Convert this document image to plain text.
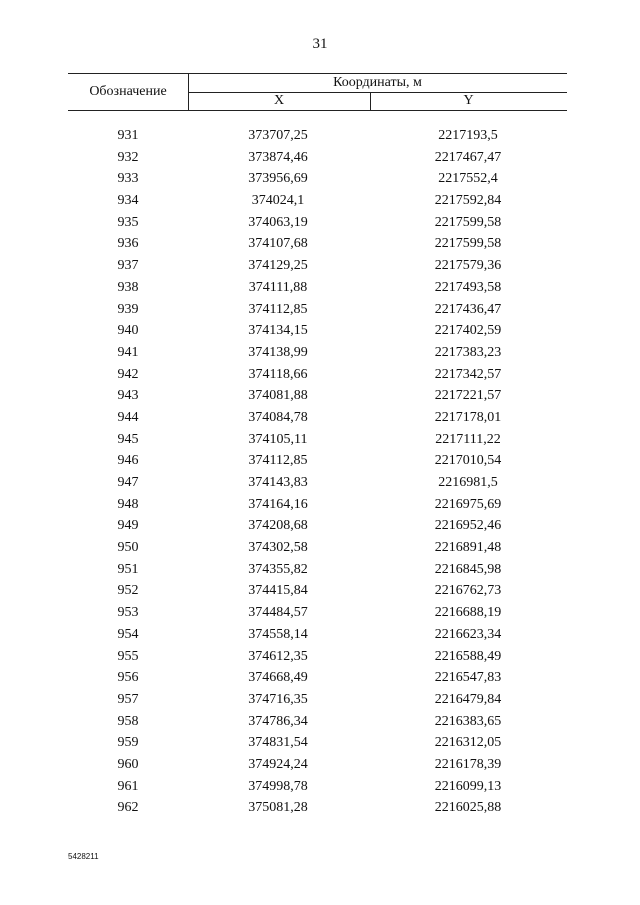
31
Обозначение
Координаты, м
X	Y
931	373707,25	2217193,5
932	373874,46	2217467,47
933	373956,69	2217552,4
934	374024,1	2217592,84
935	374063,19	2217599,58
936	374107,68	2217599,58
937	374129,25	2217579,36
938	374111,88	2217493,58
939	374112,85	2217436,47
940	374134,15	2217402,59
941	374138,99	2217383,23
942	374118,66	2217342,57
943	374081,88	2217221,57
944	374084,78	2217178,01
945	374105,11	2217111,22
946	374112,85	2217010,54
947	374143,83	2216981,5
948	374164,16	2216975,69
949	374208,68	2216952,46
950	374302,58	2216891,48
951	374355,82	2216845,98
952	374415,84	2216762,73
953	374484,57	2216688,19
954	374558,14	2216623,34
955	374612,35	2216588,49
956	374668,49	2216547,83
957	374716,35	2216479,84
958	374786,34	2216383,65
959	374831,54	2216312,05
960	374924,24	2216178,39
961	374998,78	2216099,13
962	375081,28	2216025,88
5428211
